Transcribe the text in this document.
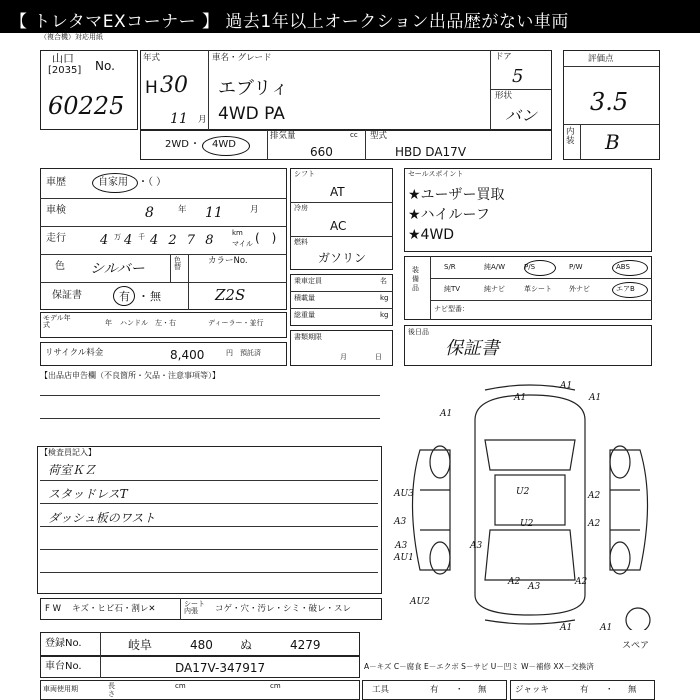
【 トレタマEXコーナー 】 過去1年以上オークション出品歴がない車両
（複合機）対応用紙
山口
[2035] No.
60225
年式
H 30
11 月
車名・グレード
エブリィ
4WD PA
ドア
5
形状
バン
評価点
3.5
内装 B
2WD ・ 4WD
排気量	cc
660
型式
HBD DA17V
車歴	自家用 ・（ ）
車検	8	年 11	月
走行	4 万 4 千 4 2 7 8 km
マイル (　)
色 シルバー
色替
カラーNo.
保証書	有 ・ 無	Z2S
モデル年式	年 ハンドル 左・右	ディーラー・並行
リサイクル料金	8,400	円 預託済
シフト
AT
冷房
AC
燃料
ガソリン
乗車定員	名
積載量	kg
総重量	kg
書類期限
月	日
セールスポイント
★ユーザー買取
★ハイルーフ
★4WD
装備品
S/R	純A/W	P/S	P/W	ABS
純TV	純ナビ	革シート 外ナビ	エアB
ナビ型番：
後日品
保証書
【出品店申告欄（不良箇所・欠品・注意事項等）】
【検査員記入】
荷室ＫＺ
スタッドレスT
ダッシュ板のワスト
A1
A1	A1
A1
AU3	A2
U2
A3	A2
U2
A3
AU1
A3
A2 A3	A2
AU2
A1	A1
スペア
F W キズ・ヒビ石・割レ✕	シート内張	コゲ・穴・汚レ・シミ・破レ・スレ
登録No.	岐阜	480 ぬ	4279
車台No.	DA17V-347917	A－キズ C－腐食 E－エクボ S－サビ U－凹ミ W－補修 XX－交換済
車両使用期	長
さ
cm	cm	工具	有 ・ 無	ジャッキ	有 ・ 無
